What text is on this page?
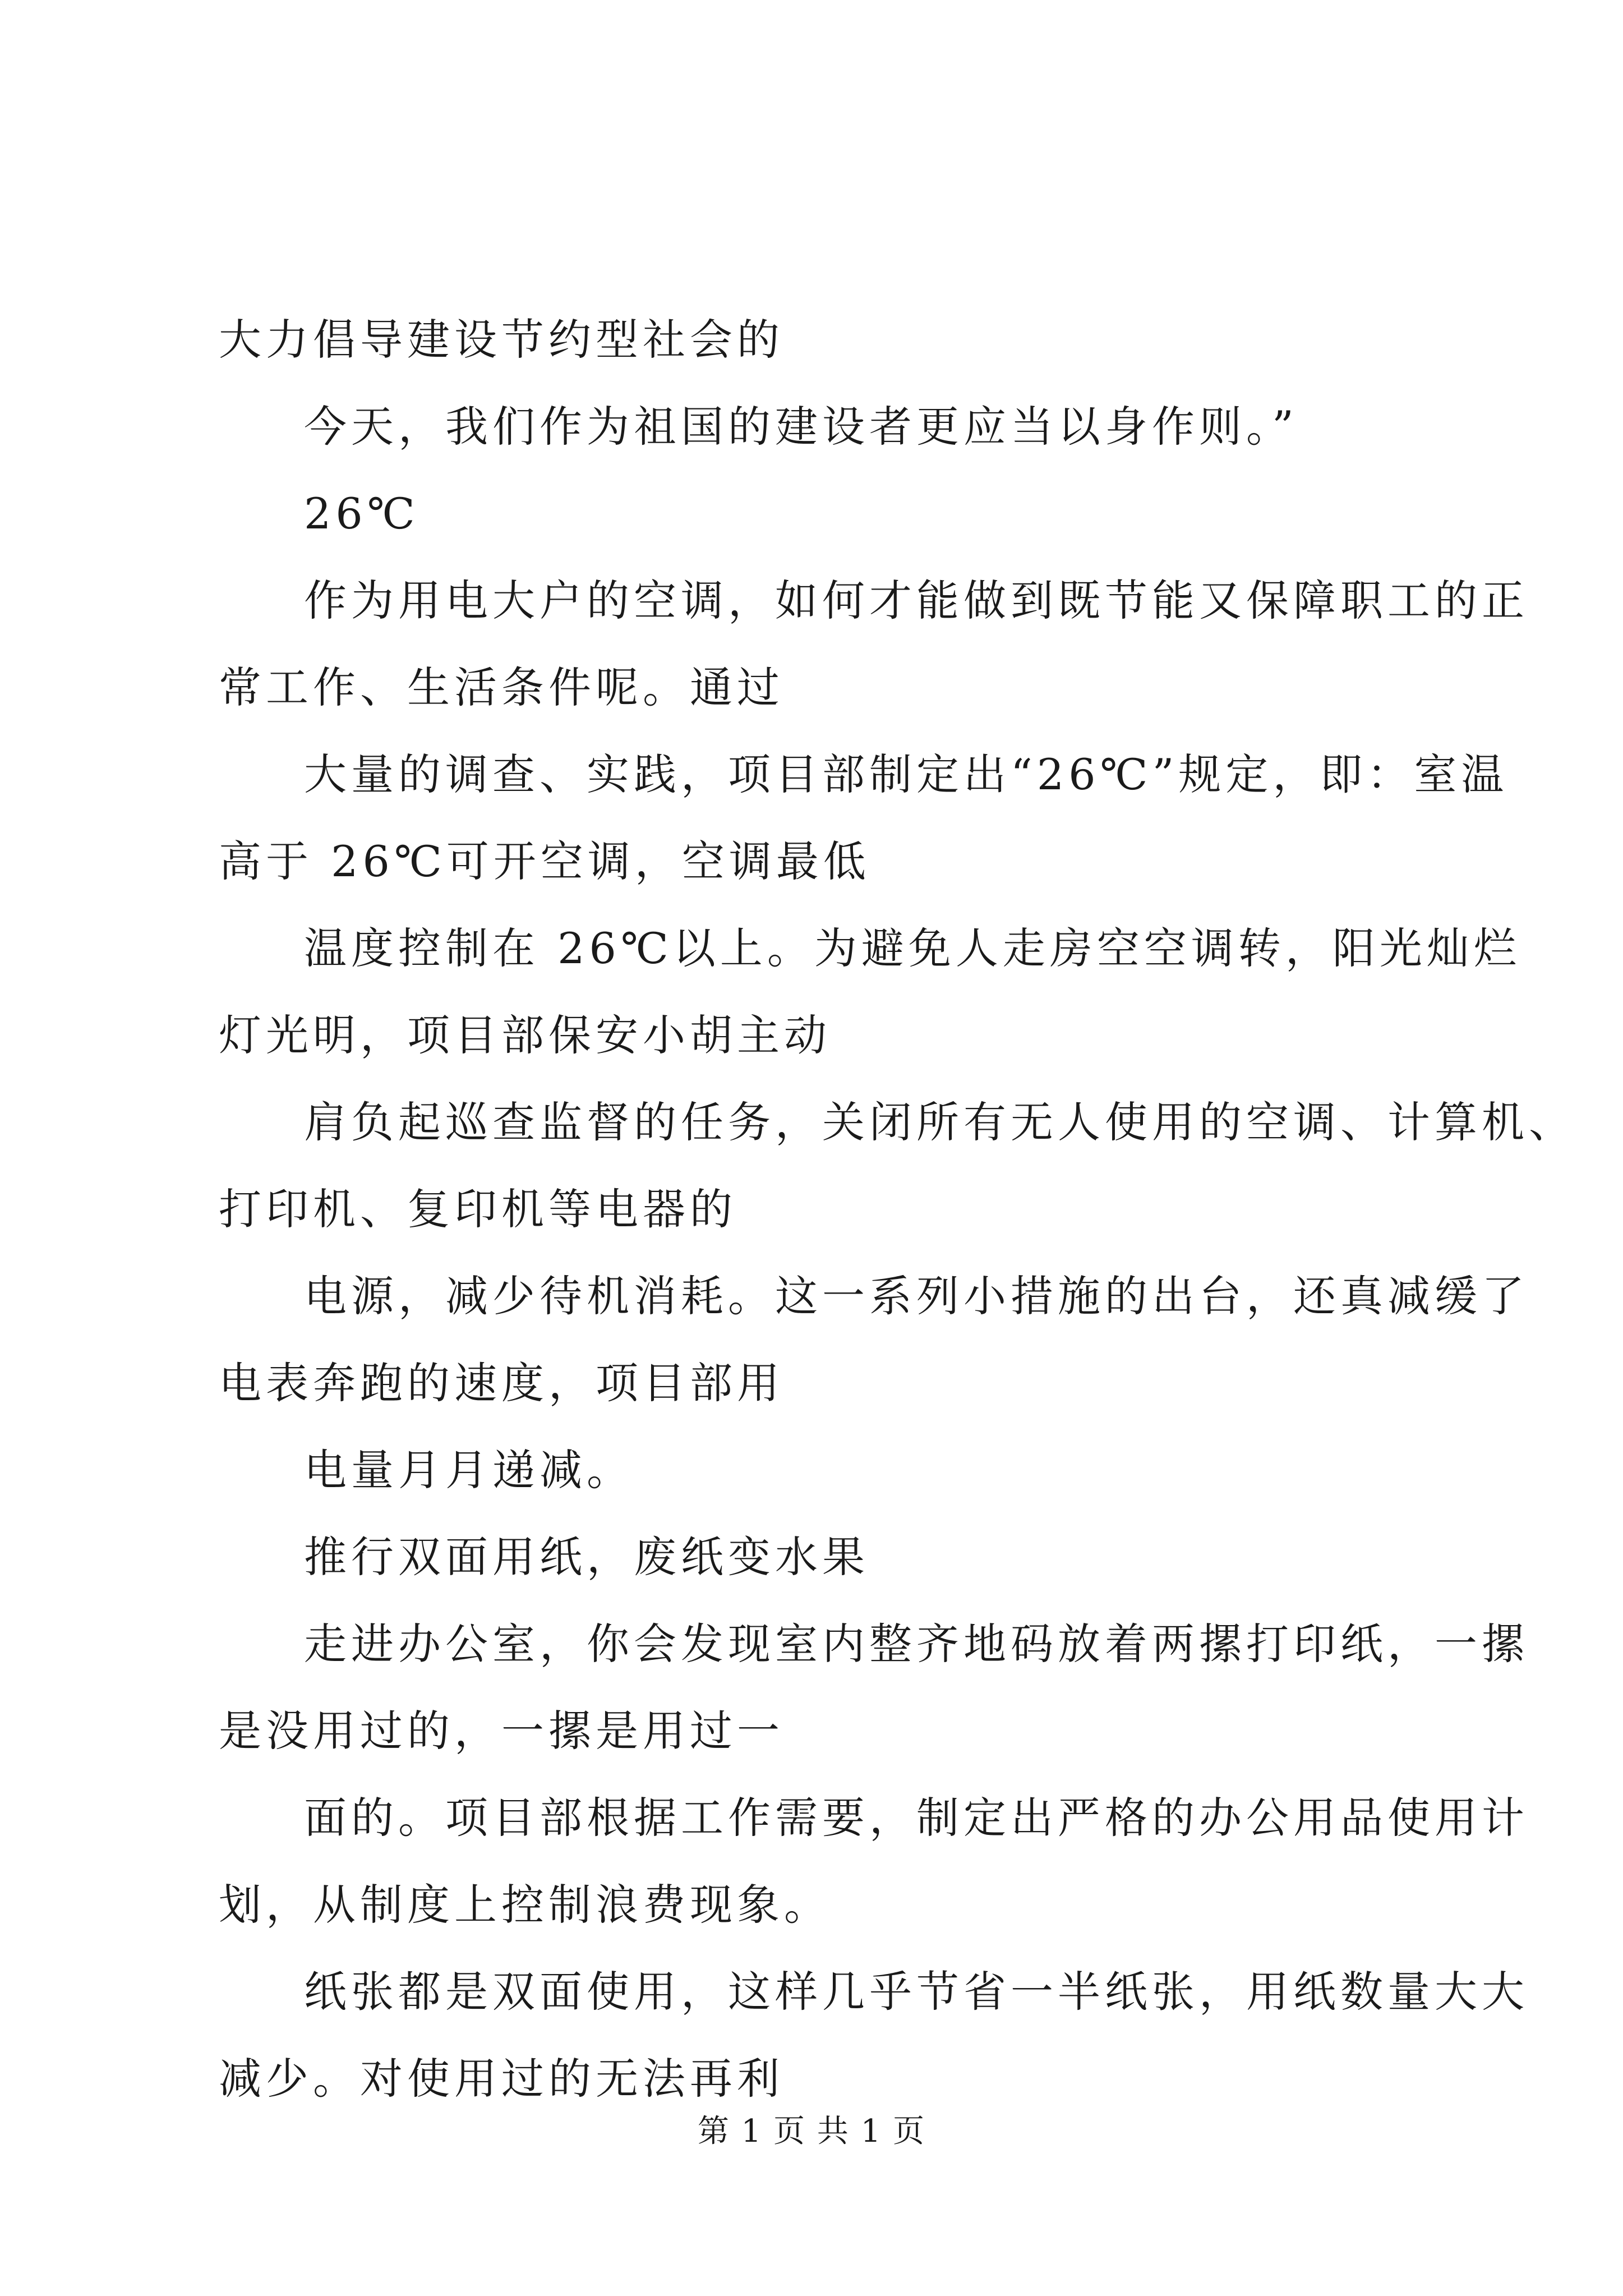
大力倡导建设节约型社会的

今天，我们作为祖国的建设者更应当以身作则。”

26℃

作为用电大户的空调，如何才能做到既节能又保障职工的正

常工作、生活条件呢。通过

大量的调查、实践，项目部制定出“26℃”规定，即：室温

高于 26℃可开空调，空调最低

温度控制在 26℃以上。为避免人走房空空调转，阳光灿烂

灯光明，项目部保安小胡主动

肩负起巡查监督的任务，关闭所有无人使用的空调、计算机、

打印机、复印机等电器的

电源，减少待机消耗。这一系列小措施的出台，还真减缓了

电表奔跑的速度，项目部用

电量月月递减。

推行双面用纸，废纸变水果

走进办公室，你会发现室内整齐地码放着两摞打印纸，一摞

是没用过的，一摞是用过一

面的。项目部根据工作需要，制定出严格的办公用品使用计

划，从制度上控制浪费现象。

纸张都是双面使用，这样几乎节省一半纸张，用纸数量大大

减少。对使用过的无法再利

第 1 页 共 1 页
